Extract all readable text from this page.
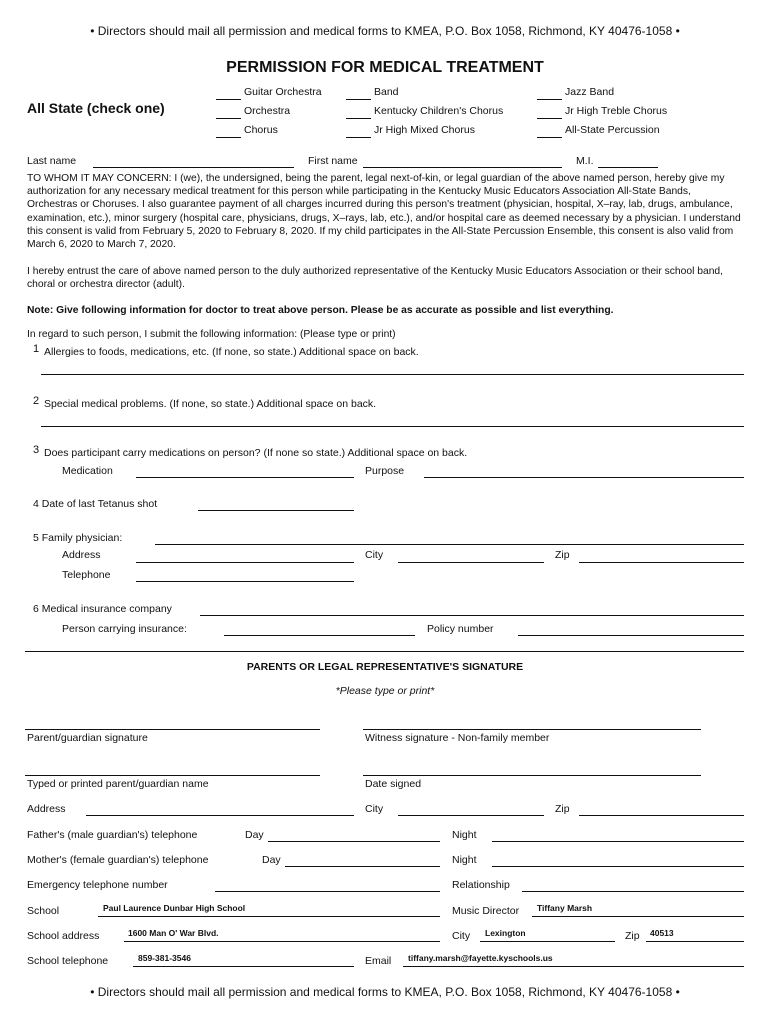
• Directors should mail all permission and medical forms to KMEA, P.O. Box 1058, Richmond, KY 40476-1058 •
PERMISSION FOR MEDICAL TREATMENT
All State (check one)
Guitar Orchestra	Band	Jazz Band
Orchestra	Kentucky Children's Chorus	Jr High Treble Chorus
Chorus	Jr High Mixed Chorus	All-State Percussion
Last name	First name	M.I.
TO WHOM IT MAY CONCERN: I (we), the undersigned, being the parent, legal next-of-kin, or legal guardian of the above named person, hereby give my authorization for any necessary medical treatment for this person while participating in the Kentucky Music Educators Association All-State Bands, Orchestras or Choruses. I also guarantee payment of all charges incurred during this person's treatment (physician, hospital, X–ray, lab, drugs, ambulance, examination, etc.), minor surgery (hospital care, physicians, drugs, X–rays, lab, etc.), and/or hospital care as deemed necessary by a physician. I understand this consent is valid from February 5, 2020 to February 8, 2020. If my child participates in the All-State Percussion Ensemble, this consent is also valid from March 6, 2020 to March 7, 2020.
I hereby entrust the care of above named person to the duly authorized representative of the Kentucky Music Educators Association or their school band, choral or orchestra director (adult).
Note: Give following information for doctor to treat above person. Please be as accurate as possible and list everything.
In regard to such person, I submit the following information: (Please type or print)
1 Allergies to foods, medications, etc. (If none, so state.) Additional space on back.
2 Special medical problems. (If none, so state.) Additional space on back.
3 Does participant carry medications on person? (If none so state.) Additional space on back.
Medication	Purpose
4 Date of last Tetanus shot
5 Family physician:
Address	City	Zip
Telephone
6 Medical insurance company
Person carrying insurance:	Policy number
PARENTS OR LEGAL REPRESENTATIVE'S SIGNATURE
*Please type or print*
Parent/guardian signature	Witness signature - Non-family member
Typed or printed parent/guardian name	Date signed
Address	City	Zip
Father's (male guardian's) telephone	Day	Night
Mother's (female guardian's) telephone	Day	Night
Emergency telephone number	Relationship
School	Paul Laurence Dunbar High School	Music Director Tiffany Marsh
School address	1600 Man O' War Blvd.	City Lexington	Zip 40513
School telephone	859-381-3546	Email tiffany.marsh@fayette.kyschools.us
• Directors should mail all permission and medical forms to KMEA, P.O. Box 1058, Richmond, KY 40476-1058 •
